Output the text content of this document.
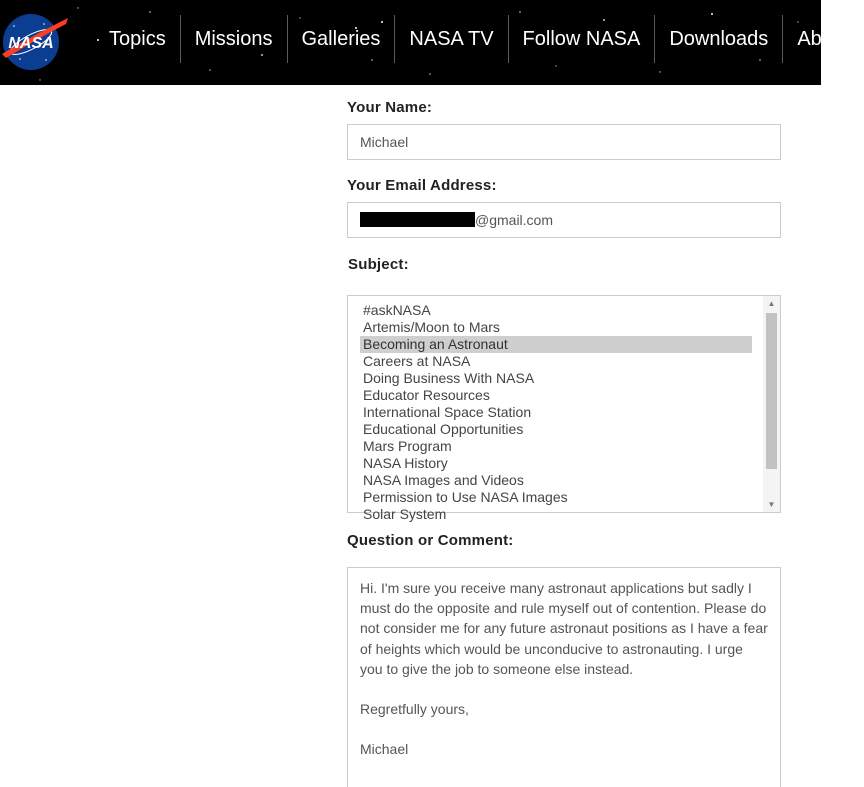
NASA	Topics	Missions	Galleries	NASA TV	Follow NASA	Downloads	About
Your Name:
Michael
Your Email Address:
@gmail.com
Subject:
#askNASA
Artemis/Moon to Mars
Becoming an Astronaut
Careers at NASA
Doing Business With NASA
Educator Resources
International Space Station
Educational Opportunities
Mars Program
NASA History
NASA Images and Videos
Permission to Use NASA Images
Solar System
▲
▼
Question or Comment:

Hi. I'm sure you receive many astronaut applications but sadly I must do the opposite and rule myself out of contention. Please do not consider me for any future astronaut positions as I have a fear of heights which would be unconducive to astronauting. I urge you to give the job to someone else instead.

Regretfully yours,

Michael
